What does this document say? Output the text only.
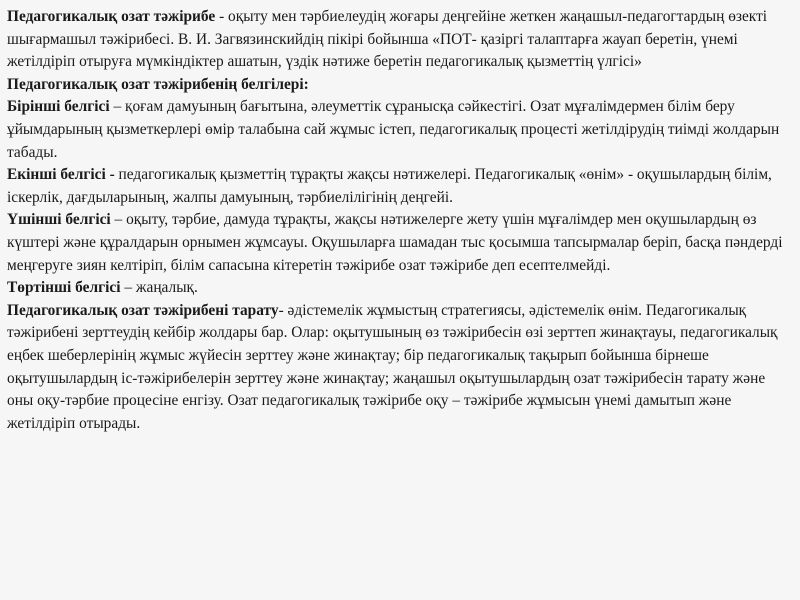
Педагогикалық озат тәжірибе - оқыту мен тәрбиелеудің жоғары деңгейіне жеткен жаңашыл-педагогтардың өзекті шығармашыл тәжірибесі. В. И. Загвязинскийдің пікірі бойынша «ПОТ- қазіргі талаптарға жауап беретін, үнемі жетілдіріп отыруға мүмкіндіктер ашатын, үздік нәтиже беретін педагогикалық қызметтің үлгісі»

Педагогикалық озат тәжірибенің белгілері:

Бірінші белгісі – қоғам дамуының бағытына, әлеуметтік сұранысқа сәйкестігі. Озат мұғалімдермен білім беру ұйымдарының қызметкерлері өмір талабына сай жұмыс істеп, педагогикалық процесті жетілдірудің тиімді жолдарын табады.

Екінші белгісі - педагогикалық қызметтің тұрақты жақсы нәтижелері. Педагогикалық «өнім» - оқушылардың білім, іскерлік, дағдыларының, жалпы дамуының, тәрбиелілігінің деңгейі.

Үшінші белгісі – оқыту, тәрбие, дамуда тұрақты, жақсы нәтижелерге жету үшін мұғалімдер мен оқушылардың өз күштері және құралдарын орнымен жұмсауы. Оқушыларға шамадан тыс қосымша тапсырмалар беріп, басқа пәндерді меңгеруге зиян келтіріп, білім сапасына кітеретін тәжірибе озат тәжірибе деп есептелмейді.

Төртінші белгісі – жаңалық.

Педагогикалық озат тәжірибені тарату- әдістемелік жұмыстың стратегиясы, әдістемелік өнім. Педагогикалық тәжірибені зерттеудің кейбір жолдары бар. Олар: оқытушының өз тәжірибесін өзі зерттеп жинақтауы, педагогикалық еңбек шеберлерінің жұмыс жүйесін зерттеу және жинақтау; бір педагогикалық тақырып бойынша бірнеше оқытушылардың іс-тәжірибелерін зерттеу және жинақтау; жаңашыл оқытушылардың озат тәжірибесін тарату және оны оқу-тәрбие процесіне енгізу. Озат педагогикалық тәжірибе оқу – тәжірибе жұмысын үнемі дамытып және жетілдіріп отырады.
